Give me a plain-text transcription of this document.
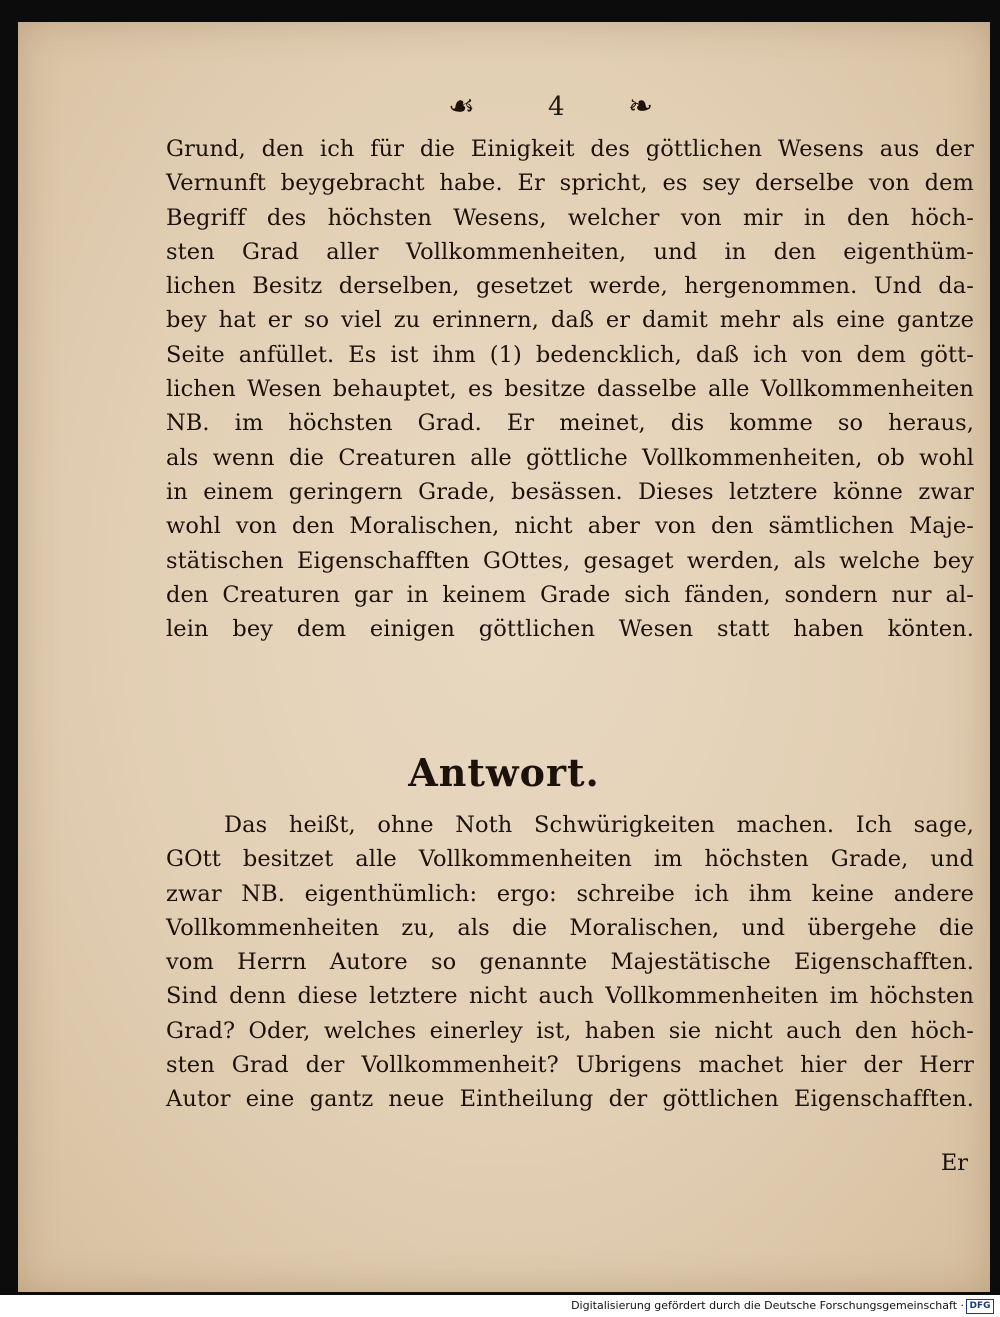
☙	4 ❧
Grund, den ich für die Einigkeit des göttlichen Wesens aus der
Vernunft beygebracht habe. Er spricht, es sey derselbe von dem
Begriff des höchsten Wesens, welcher von mir in den höch-
sten Grad aller Vollkommenheiten, und in den eigenthüm-
lichen Besitz derselben, gesetzet werde, hergenommen. Und da-
bey hat er so viel zu erinnern, daß er damit mehr als eine gantze
Seite anfüllet. Es ist ihm (1) bedencklich, daß ich von dem gött-
lichen Wesen behauptet, es besitze dasselbe alle Vollkommenheiten
NB. im höchsten Grad. Er meinet, dis komme so heraus,
als wenn die Creaturen alle göttliche Vollkommenheiten, ob wohl
in einem geringern Grade, besässen. Dieses letztere könne zwar
wohl von den Moralischen, nicht aber von den sämtlichen Maje-
stätischen Eigenschafften GOttes, gesaget werden, als welche bey
den Creaturen gar in keinem Grade sich fänden, sondern nur al-
lein bey dem einigen göttlichen Wesen statt haben könten.
Antwort.
Das heißt, ohne Noth Schwürigkeiten machen. Ich sage,
GOtt besitzet alle Vollkommenheiten im höchsten Grade, und
zwar NB. eigenthümlich: ergo: schreibe ich ihm keine andere
Vollkommenheiten zu, als die Moralischen, und übergehe die
vom Herrn Autore so genannte Majestätische Eigenschafften.
Sind denn diese letztere nicht auch Vollkommenheiten im höchsten
Grad? Oder, welches einerley ist, haben sie nicht auch den höch-
sten Grad der Vollkommenheit? Ubrigens machet hier der Herr
Autor eine gantz neue Eintheilung der göttlichen Eigenschafften.
Er
Digitalisierung gefördert durch die Deutsche Forschungsgemeinschaft · DFG
